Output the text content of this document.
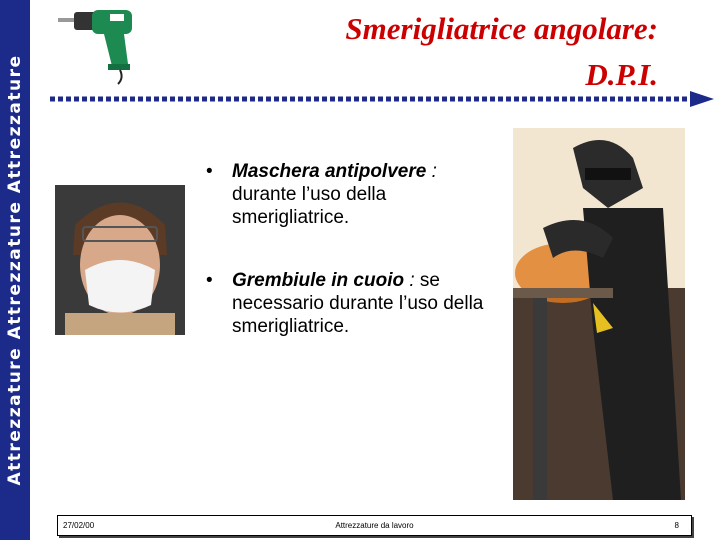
Attrezzature Attrezzature Attrezzature
Smerigliatrice angolare:
D.P.I.
• Maschera antipolvere : durante l’uso della smerigliatrice.
• Grembiule in cuoio : se necessario durante l’uso della smerigliatrice.
27/02/00	Attrezzature da lavoro	8
